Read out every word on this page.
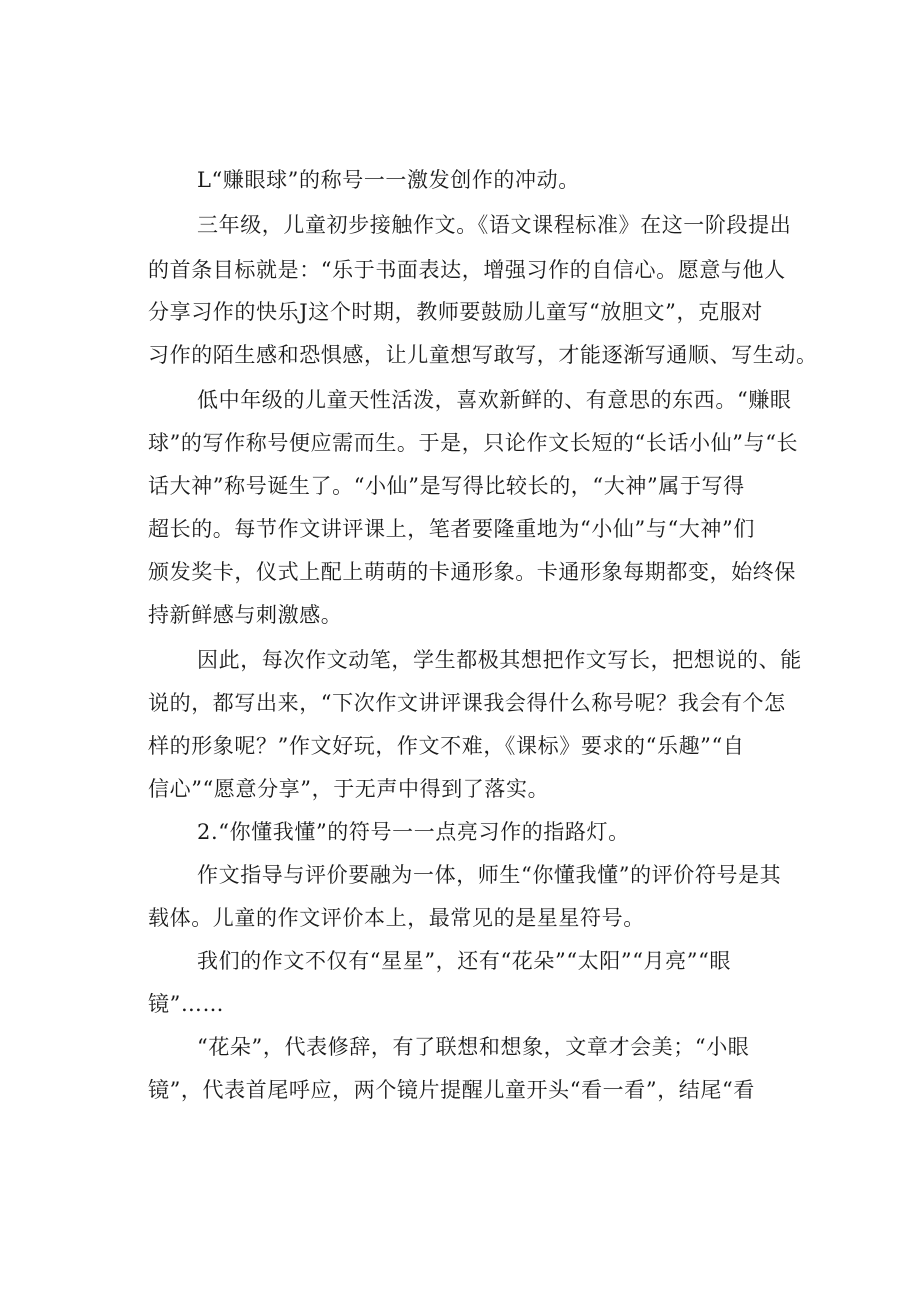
L“赚眼球”的称号一一激发创作的冲动。
三年级，儿童初步接触作文。《语文课程标准》在这一阶段提出
的首条目标就是：“乐于书面表达，增强习作的自信心。愿意与他人
分享习作的快乐J这个时期，教师要鼓励儿童写“放胆文”，克服对
习作的陌生感和恐惧感，让儿童想写敢写，才能逐渐写通顺、写生动。
低中年级的儿童天性活泼，喜欢新鲜的、有意思的东西。“赚眼
球”的写作称号便应需而生。于是，只论作文长短的“长话小仙”与“长
话大神”称号诞生了。“小仙”是写得比较长的，“大神”属于写得
超长的。每节作文讲评课上，笔者要隆重地为“小仙”与“大神”们
颁发奖卡，仪式上配上萌萌的卡通形象。卡通形象每期都变，始终保
持新鲜感与刺激感。
因此，每次作文动笔，学生都极其想把作文写长，把想说的、能
说的，都写出来，“下次作文讲评课我会得什么称号呢？我会有个怎
样的形象呢？”作文好玩，作文不难，《课标》要求的“乐趣”“自
信心”“愿意分享”，于无声中得到了落实。
2.“你懂我懂”的符号一一点亮习作的指路灯。
作文指导与评价要融为一体，师生“你懂我懂”的评价符号是其
载体。儿童的作文评价本上，最常见的是星星符号。
我们的作文不仅有“星星”，还有“花朵”“太阳”“月亮”“眼
镜”……
“花朵”，代表修辞，有了联想和想象，文章才会美；“小眼
镜”，代表首尾呼应，两个镜片提醒儿童开头“看一看”，结尾“看
